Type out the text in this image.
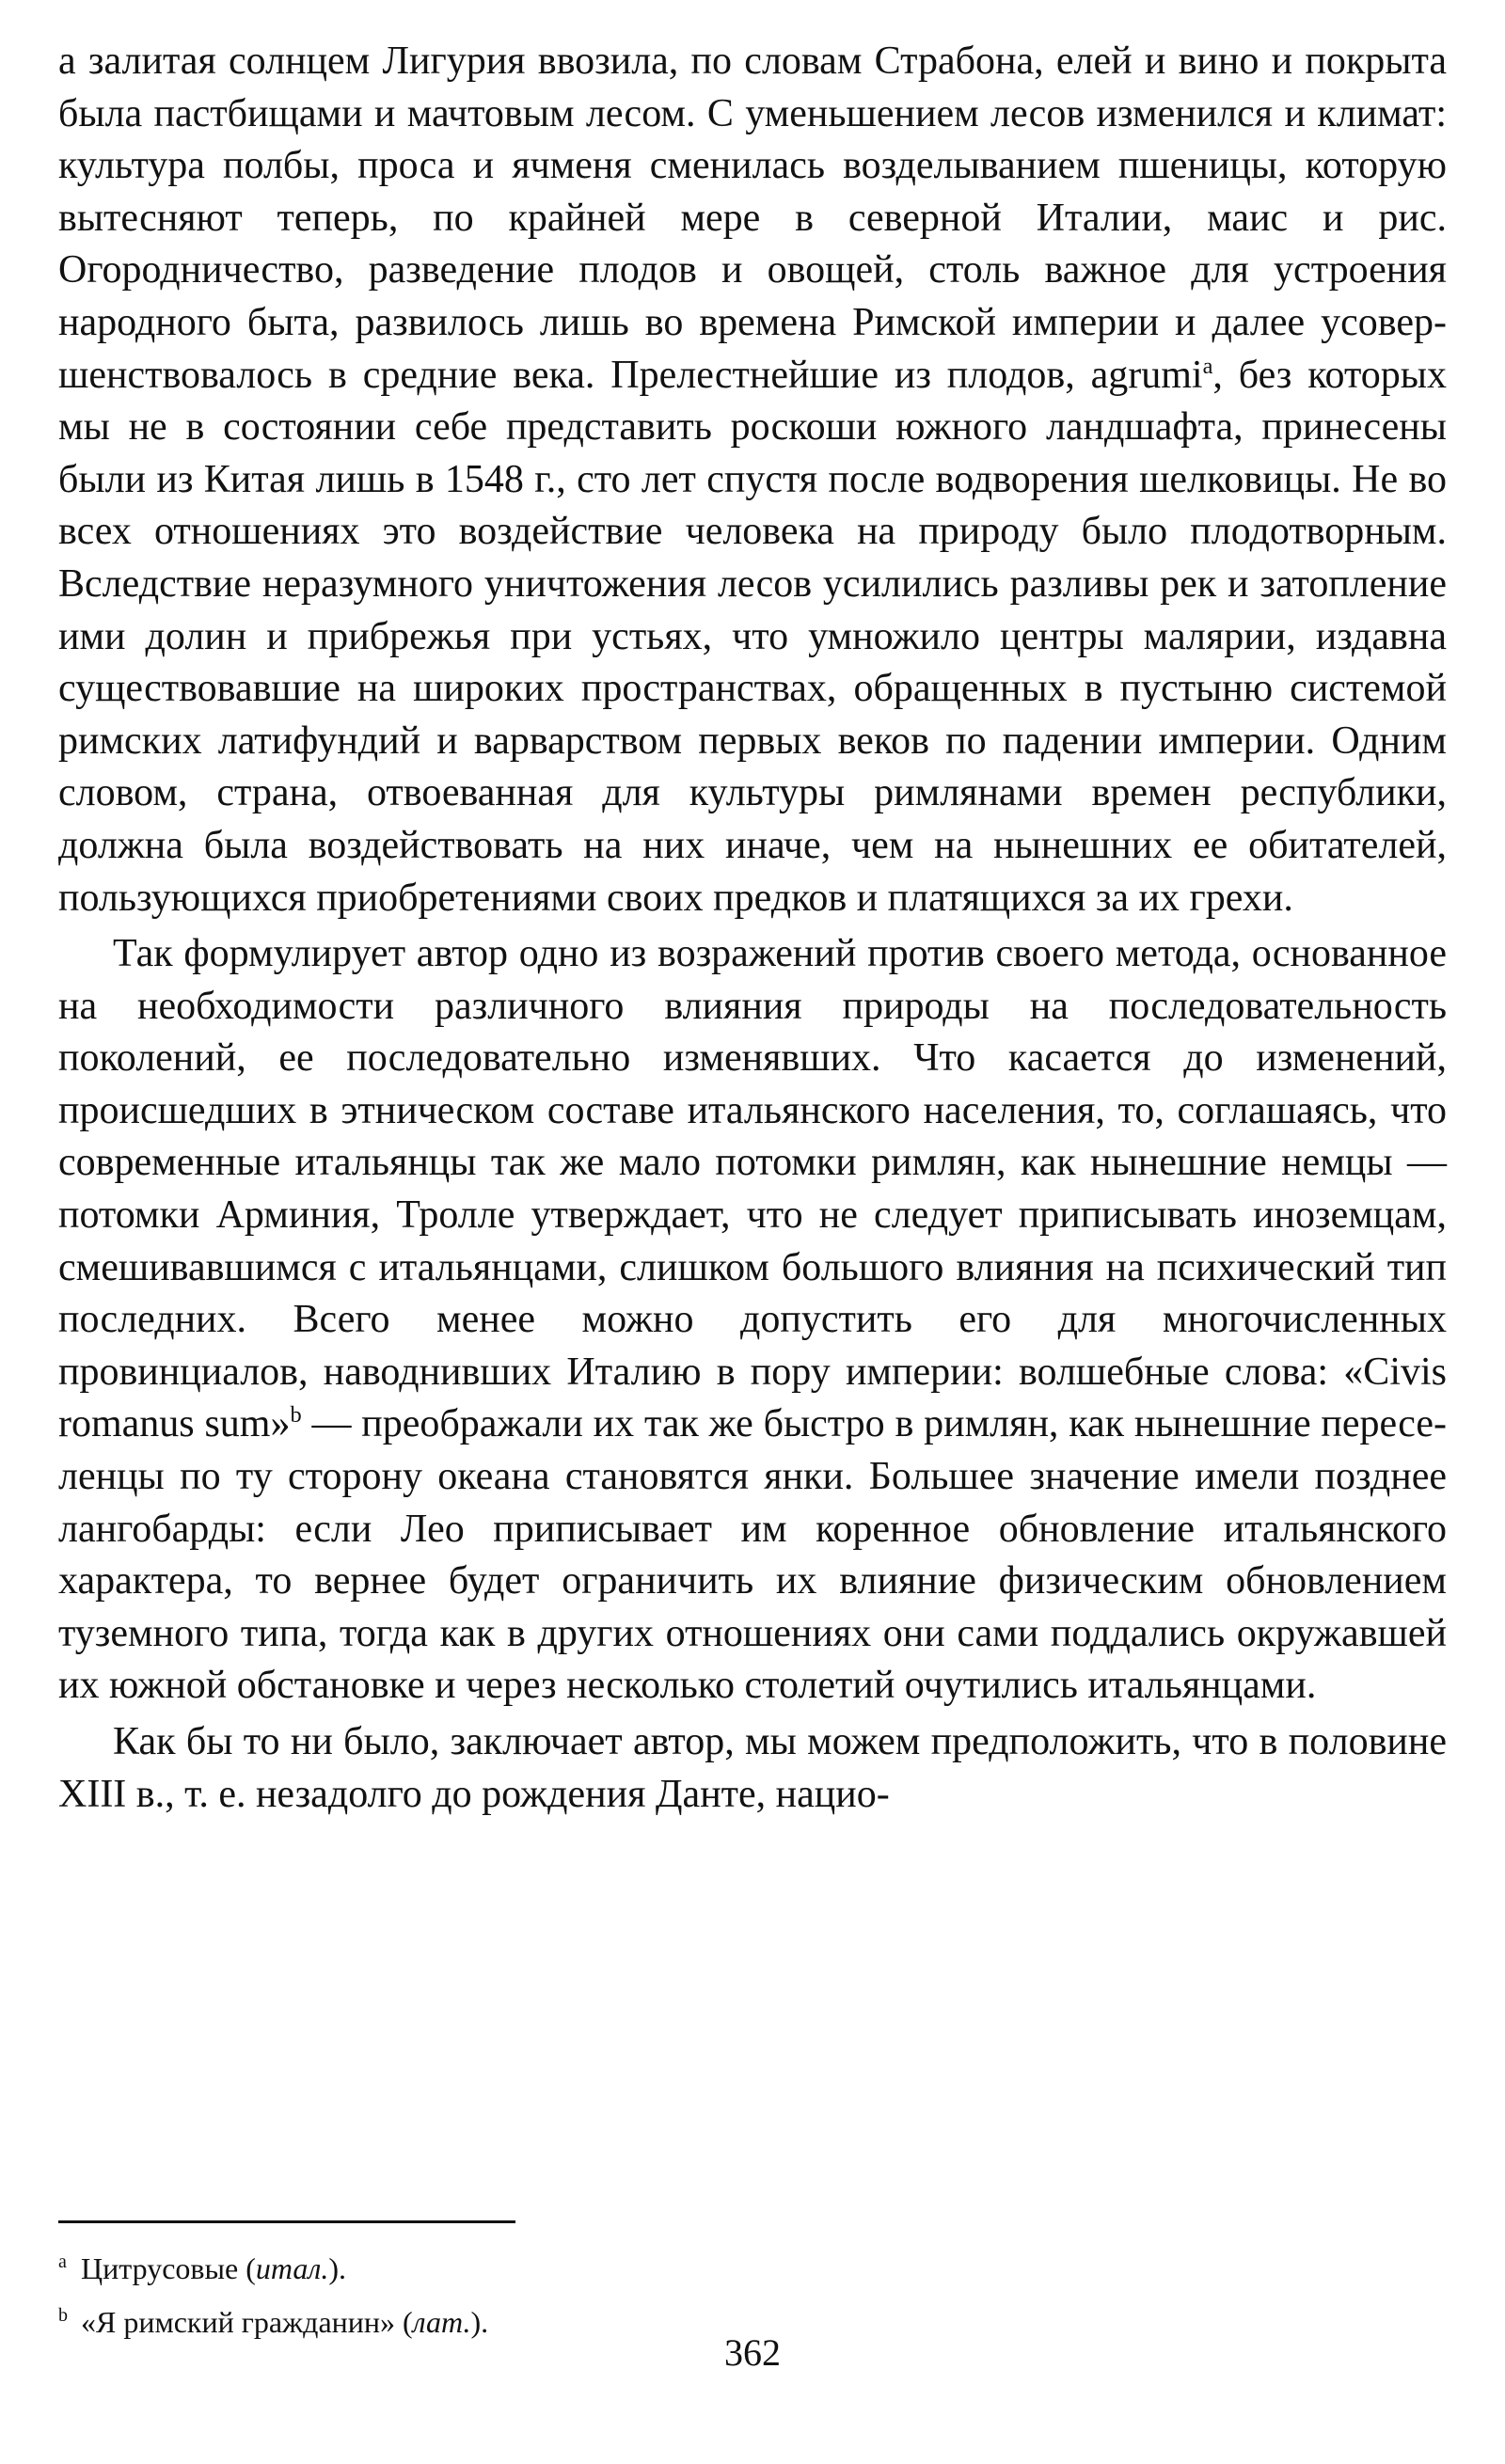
а залитая солнцем Лигурия ввозила, по словам Страбона, елей и вино и покрыта была пастбищами и мачтовым лесом. С уменьшением лесов изменился и климат: культура полбы, проса и ячменя сменилась возделыванием пшеницы, которую вытесняют теперь, по крайней мере в северной Италии, маис и рис. Огородничество, разведение плодов и овощей, столь важное для устроения народного быта, развилось лишь во времена Римской империи и далее усовершенствовалось в средние века. Прелестнейшие из плодов, agrumi$^a$, без которых мы не в состоянии себе представить роскоши южного ландшафта, принесены были из Китая лишь в 1548 г., сто лет спустя после водворения шелковицы. Не во всех отношениях это воздействие человека на природу было плодотворным. Вследствие неразумного уничтожения лесов усилились разливы рек и затопление ими долин и прибрежья при устьях, что умножило центры малярии, издавна существовавшие на широких пространствах, обращенных в пустыню системой римских латифундий и варварством первых веков по падении империи. Одним словом, страна, отвоеванная для культуры римлянами времен республики, должна была воздействовать на них иначе, чем на нынешних ее обитателей, пользующихся приобретениями своих предков и платящихся за их грехи.

Так формулирует автор одно из возражений против своего метода, основанное на необходимости различного влияния природы на последовательность поколений, ее последовательно изменявших. Что касается до изменений, происшедших в этническом составе итальянского населения, то, соглашаясь, что современные итальянцы так же мало потомки римлян, как нынешние немцы — потомки Арминия, Тролле утверждает, что не следует приписывать иноземцам, смешивавшимся с итальянцами, слишком большого влияния на психический тип последних. Всего менее можно допустить его для многочисленных провинциалов, наводнивших Италию в пору империи: волшебные слова: «Civis romanus sum»$^b$ — преображали их так же быстро в римлян, как нынешние переселенцы по ту сторону океана становятся янки. Большее значение имели позднее лангобарды: если Лео приписывает им коренное обновление итальянского характера, то вернее будет ограничить их влияние физическим обновлением туземного типа, тогда как в других отношениях они сами поддались окружавшей их южной обстановке и через несколько столетий очутились итальянцами.

Как бы то ни было, заключает автор, мы можем предположить, что в половине XIII в., т. е. незадолго до рождения Данте, нацио-

a Цитрусовые (итал.).
b «Я римский гражданин» (лат.).
362
